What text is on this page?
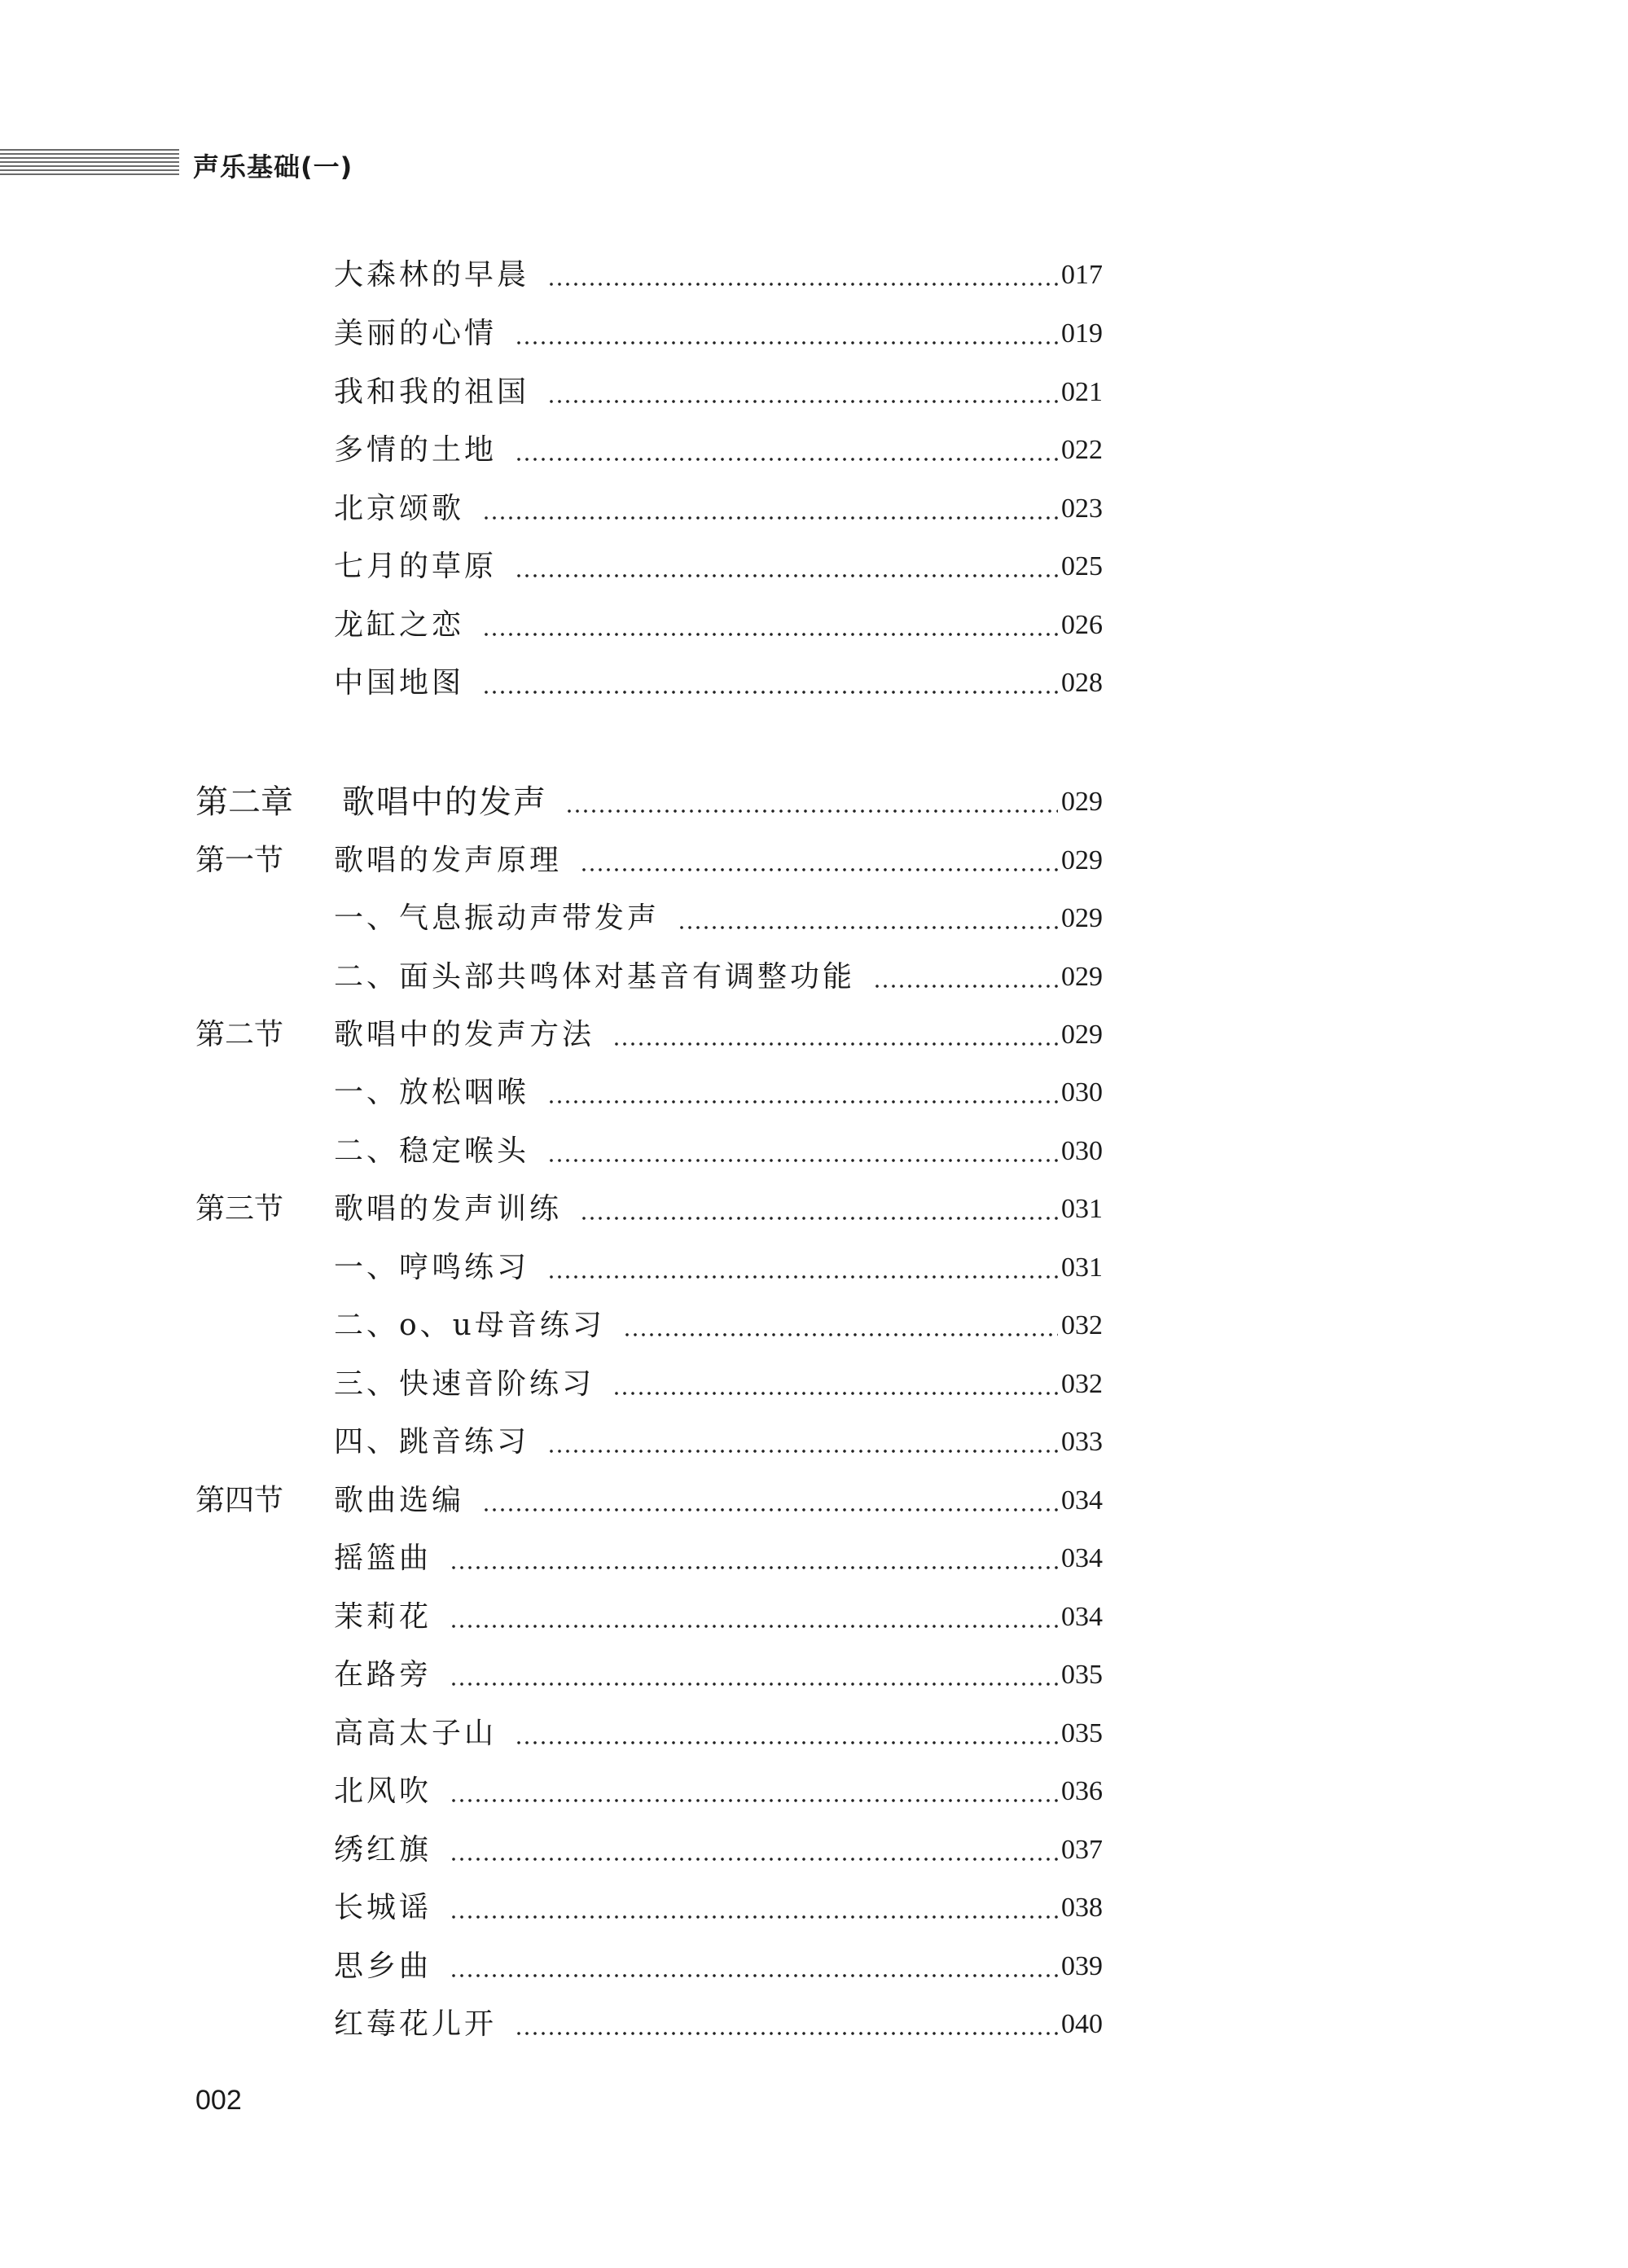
声乐基础(一)
大森林的早晨	017
美丽的心情	019
我和我的祖国	021
多情的土地	022
北京颂歌	023
七月的草原	025
龙缸之恋	026
中国地图	028
第二章 歌唱中的发声	029
第一节 歌唱的发声原理	029
一、气息振动声带发声	029
二、面头部共鸣体对基音有调整功能	029
第二节 歌唱中的发声方法	029
一、放松咽喉	030
二、稳定喉头	030
第三节 歌唱的发声训练	031
一、哼鸣练习	031
二、o、u母音练习	032
三、快速音阶练习	032
四、跳音练习	033
第四节 歌曲选编	034
摇篮曲	034
茉莉花	034
在路旁	035
高高太子山	035
北风吹	036
绣红旗	037
长城谣	038
思乡曲	039
红莓花儿开	040
002
